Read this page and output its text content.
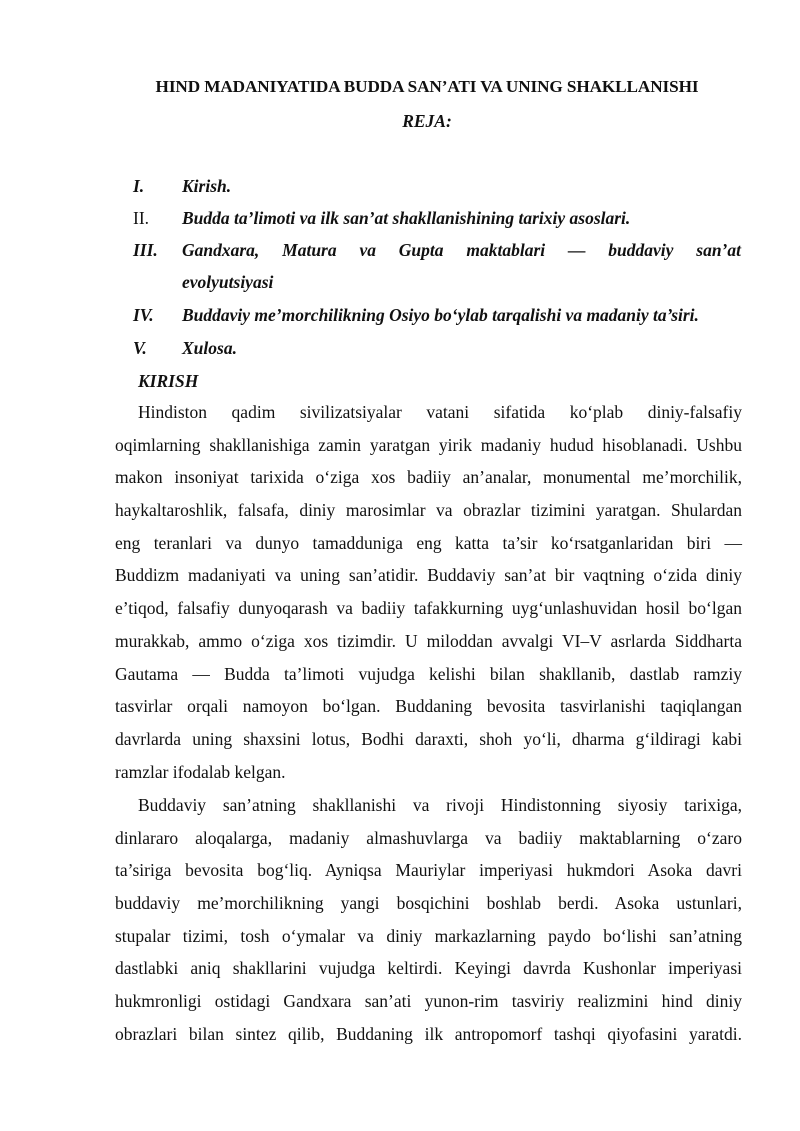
HIND MADANIYATIDA BUDDA SAN’ATI VA UNING SHAKLLANISHI
REJA:
I. Kirish.
II. Budda ta’limoti va ilk san’at shakllanishining tarixiy asoslari.
III. Gandxara,  Matura  va  Gupta  maktablari  —  buddaviy  san’at
evolyutsiyasi
IV. Buddaviy me’morchilikning Osiyo bo‘ylab tarqalishi va madaniy ta’siri.
V. Xulosa.
KIRISH
Hindiston qadim sivilizatsiyalar vatani sifatida ko‘plab diniy-falsafiy
oqimlarning shakllanishiga zamin yaratgan yirik madaniy hudud hisoblanadi. Ushbu
makon insoniyat tarixida o‘ziga xos badiiy an’analar, monumental me’morchilik,
haykaltaroshlik, falsafa, diniy marosimlar va obrazlar tizimini yaratgan. Shulardan
eng teranlari va dunyo tamadduniga eng katta ta’sir ko‘rsatganlaridan biri —
Buddizm madaniyati va uning san’atidir. Buddaviy san’at bir vaqtning o‘zida diniy
e’tiqod, falsafiy dunyoqarash va badiiy tafakkurning uyg‘unlashuvidan hosil bo‘lgan
murakkab, ammo o‘ziga xos tizimdir. U miloddan avvalgi VI–V asrlarda Siddharta
Gautama — Budda ta’limoti vujudga kelishi bilan shakllanib, dastlab ramziy
tasvirlar orqali namoyon bo‘lgan. Buddaning bevosita tasvirlanishi taqiqlangan
davrlarda uning shaxsini lotus, Bodhi daraxti, shoh yo‘li, dharma g‘ildiragi kabi
ramzlar ifodalab kelgan.
Buddaviy san’atning shakllanishi va rivoji Hindistonning siyosiy tarixiga,
dinlararo aloqalarga, madaniy almashuvlarga va badiiy maktablarning o‘zaro
ta’siriga bevosita bog‘liq. Ayniqsa Mauriylar imperiyasi hukmdori Asoka davri
buddaviy me’morchilikning yangi bosqichini boshlab berdi. Asoka ustunlari,
stupalar tizimi, tosh o‘ymalar va diniy markazlarning paydo bo‘lishi san’atning
dastlabki aniq shakllarini vujudga keltirdi. Keyingi davrda Kushonlar imperiyasi
hukmronligi ostidagi Gandxara san’ati yunon-rim tasviriy realizmini hind diniy
obrazlari bilan sintez qilib, Buddaning ilk antropomorf tashqi qiyofasini yaratdi.
